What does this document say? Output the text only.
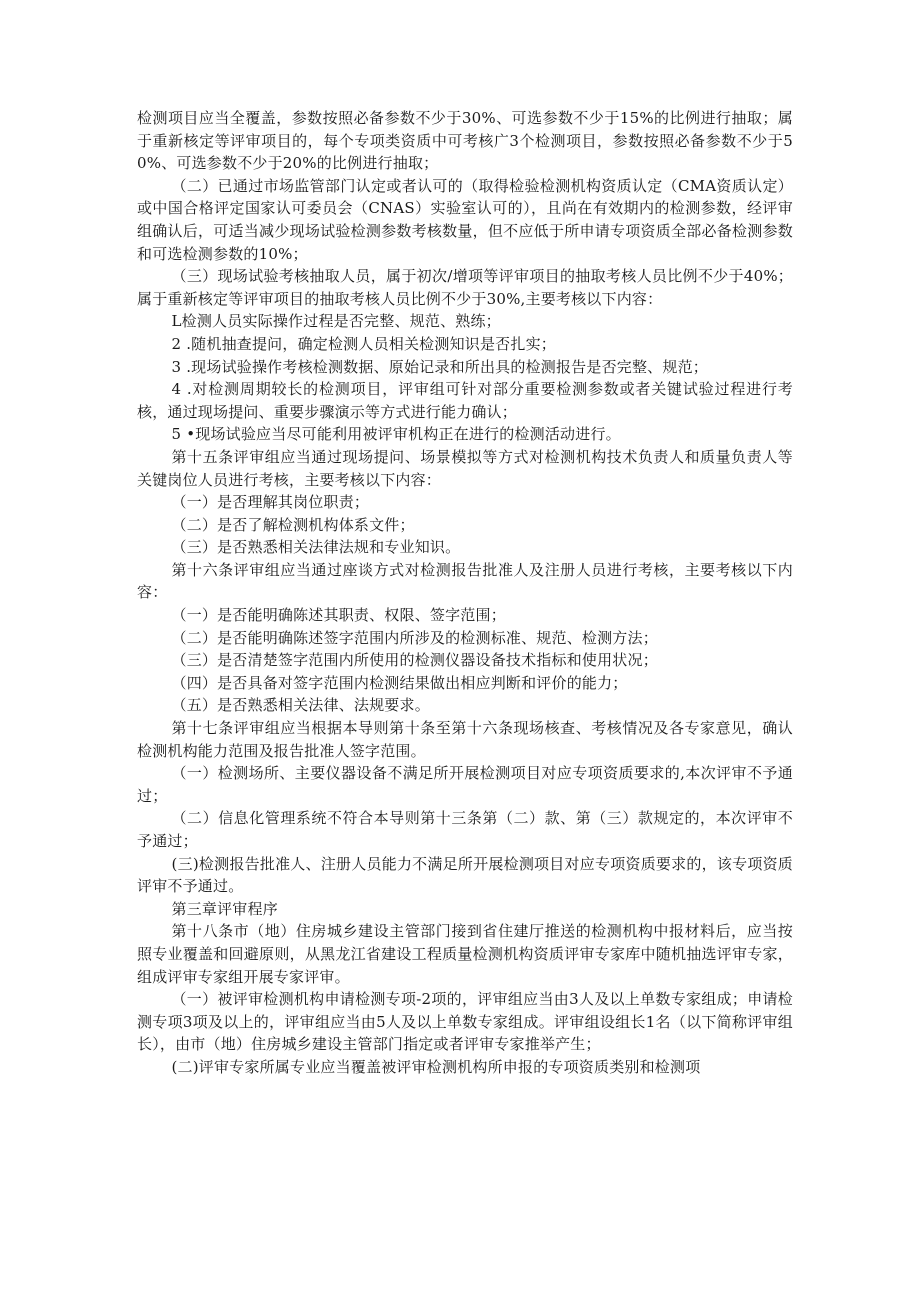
检测项目应当全覆盖，参数按照必备参数不少于30%、可选参数不少于15%的比例进行抽取；属于重新核定等评审项目的，每个专项类资质中可考核广3个检测项目，参数按照必备参数不少于50%、可选参数不少于20%的比例进行抽取；

（二）已通过市场监管部门认定或者认可的（取得检验检测机构资质认定（CMA资质认定）或中国合格评定国家认可委员会（CNAS）实验室认可的），且尚在有效期内的检测参数，经评审组确认后，可适当减少现场试验检测参数考核数量，但不应低于所申请专项资质全部必备检测参数和可选检测参数的10%；

（三）现场试验考核抽取人员，属于初次/增项等评审项目的抽取考核人员比例不少于40%；属于重新核定等评审项目的抽取考核人员比例不少于30%,主要考核以下内容：

L检测人员实际操作过程是否完整、规范、熟练；

2 .随机抽查提问，确定检测人员相关检测知识是否扎实；

3 .现场试验操作考核检测数据、原始记录和所出具的检测报告是否完整、规范；

4 .对检测周期较长的检测项目，评审组可针对部分重要检测参数或者关键试验过程进行考核，通过现场提问、重要步骤演示等方式进行能力确认；

5 •现场试验应当尽可能利用被评审机构正在进行的检测活动进行。

第十五条评审组应当通过现场提问、场景模拟等方式对检测机构技术负责人和质量负责人等关键岗位人员进行考核，主要考核以下内容：

（一）是否理解其岗位职责；

（二）是否了解检测机构体系文件；

（三）是否熟悉相关法律法规和专业知识。

第十六条评审组应当通过座谈方式对检测报告批准人及注册人员进行考核，主要考核以下内容：

（一）是否能明确陈述其职责、权限、签字范围；

（二）是否能明确陈述签字范围内所涉及的检测标准、规范、检测方法；

（三）是否清楚签字范围内所使用的检测仪器设备技术指标和使用状况；

（四）是否具备对签字范围内检测结果做出相应判断和评价的能力；

（五）是否熟悉相关法律、法规要求。

第十七条评审组应当根据本导则第十条至第十六条现场核查、考核情况及各专家意见，确认检测机构能力范围及报告批准人签字范围。

（一）检测场所、主要仪器设备不满足所开展检测项目对应专项资质要求的,本次评审不予通过；

（二）信息化管理系统不符合本导则第十三条第（二）款、第（三）款规定的，本次评审不予通过；

(三)检测报告批准人、注册人员能力不满足所开展检测项目对应专项资质要求的，该专项资质评审不予通过。

第三章评审程序

第十八条市（地）住房城乡建设主管部门接到省住建厅推送的检测机构中报材料后，应当按照专业覆盖和回避原则，从黑龙江省建设工程质量检测机构资质评审专家库中随机抽选评审专家，组成评审专家组开展专家评审。

（一）被评审检测机构申请检测专项-2项的，评审组应当由3人及以上单数专家组成；申请检测专项3项及以上的，评审组应当由5人及以上单数专家组成。评审组设组长1名（以下简称评审组长），由市（地）住房城乡建设主管部门指定或者评审专家推举产生；

(二)评审专家所属专业应当覆盖被评审检测机构所申报的专项资质类别和检测项
